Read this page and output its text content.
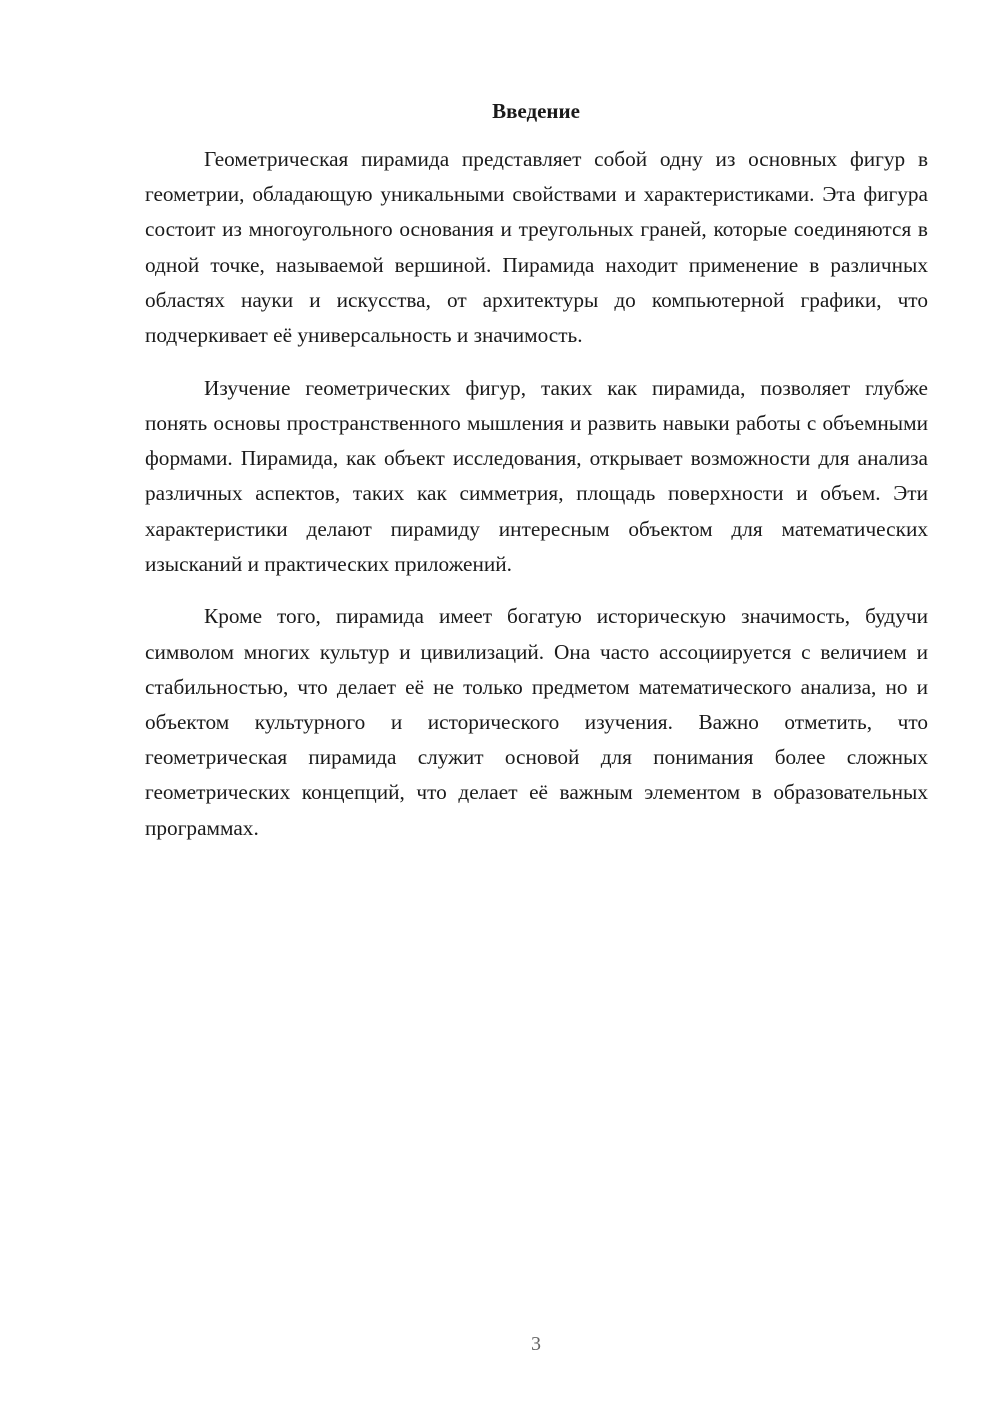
Введение

Геометрическая пирамида представляет собой одну из основных фигур в геометрии, обладающую уникальными свойствами и характеристиками. Эта фигура состоит из многоугольного основания и треугольных граней, которые соединяются в одной точке, называемой вершиной. Пирамида находит применение в различных областях науки и искусства, от архитектуры до компьютерной графики, что подчеркивает её универсальность и значимость.

Изучение геометрических фигур, таких как пирамида, позволяет глубже понять основы пространственного мышления и развить навыки работы с объемными формами. Пирамида, как объект исследования, открывает возможности для анализа различных аспектов, таких как симметрия, площадь поверхности и объем. Эти характеристики делают пирамиду интересным объектом для математических изысканий и практических приложений.

Кроме того, пирамида имеет богатую историческую значимость, будучи символом многих культур и цивилизаций. Она часто ассоциируется с величием и стабильностью, что делает её не только предметом математического анализа, но и объектом культурного и исторического изучения. Важно отметить, что геометрическая пирамида служит основой для понимания более сложных геометрических концепций, что делает её важным элементом в образовательных программах.

3
